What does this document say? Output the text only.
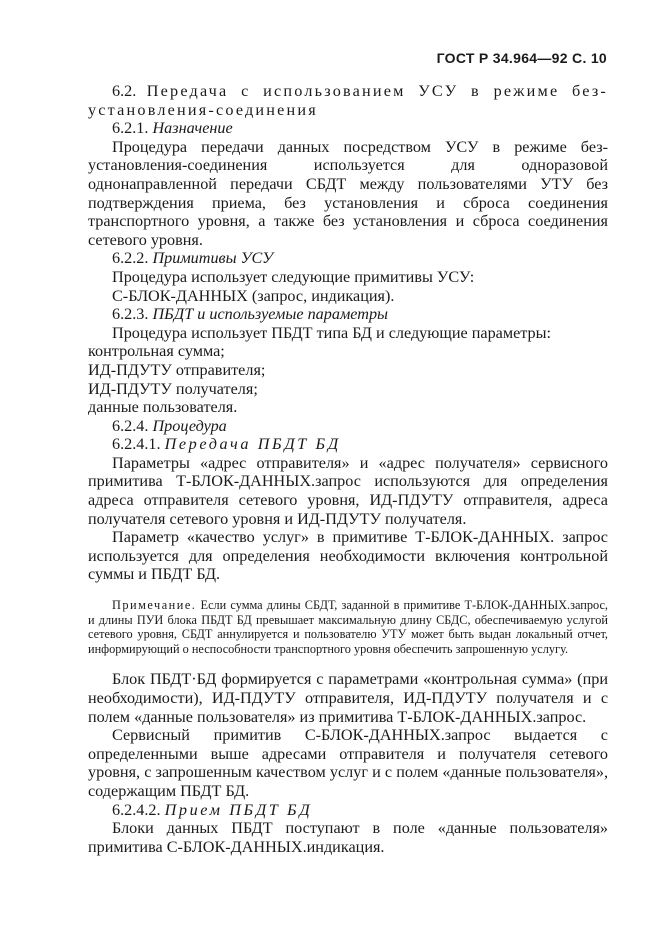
ГОСТ Р 34.964—92 С. 10

6.2. Передача с использованием УСУ в режиме без-установления-соединения

6.2.1. Назначение

Процедура передачи данных посредством УСУ в режиме без-установления-соединения используется для одноразовой однонаправленной передачи СБДТ между пользователями УТУ без подтверждения приема, без установления и сброса соединения транспортного уровня, а также без установления и сброса соединения сетевого уровня.

6.2.2. Примитивы УСУ

Процедура использует следующие примитивы УСУ:

С-БЛОК-ДАННЫХ (запрос, индикация).

6.2.3. ПБДТ и используемые параметры

Процедура использует ПБДТ типа БД и следующие параметры:

контрольная сумма;

ИД-ПДУТУ отправителя;

ИД-ПДУТУ получателя;

данные пользователя.

6.2.4. Процедура

6.2.4.1. Передача ПБДТ БД

Параметры «адрес отправителя» и «адрес получателя» сервисного примитива Т-БЛОК-ДАННЫХ.запрос используются для определения адреса отправителя сетевого уровня, ИД-ПДУТУ отправителя, адреса получателя сетевого уровня и ИД-ПДУТУ получателя.

Параметр «качество услуг» в примитиве Т-БЛОК-ДАННЫХ. запрос используется для определения необходимости включения контрольной суммы и ПБДТ БД.

Примечание. Если сумма длины СБДТ, заданной в примитиве Т-БЛОК-ДАННЫХ.запрос, и длины ПУИ блока ПБДТ БД превышает максимальную длину СБДС, обеспечиваемую услугой сетевого уровня, СБДТ аннулируется и пользователю УТУ может быть выдан локальный отчет, информирующий о неспособности транспортного уровня обеспечить запрошенную услугу.

Блок ПБДТ·БД формируется с параметрами «контрольная сумма» (при необходимости), ИД-ПДУТУ отправителя, ИД-ПДУТУ получателя и с полем «данные пользователя» из примитива Т-БЛОК-ДАННЫХ.запрос.

Сервисный примитив С-БЛОК-ДАННЫХ.запрос выдается с определенными выше адресами отправителя и получателя сетевого уровня, с запрошенным качеством услуг и с полем «данные пользователя», содержащим ПБДТ БД.

6.2.4.2. Прием ПБДТ БД

Блоки данных ПБДТ поступают в поле «данные пользователя» примитива С-БЛОК-ДАННЫХ.индикация.
